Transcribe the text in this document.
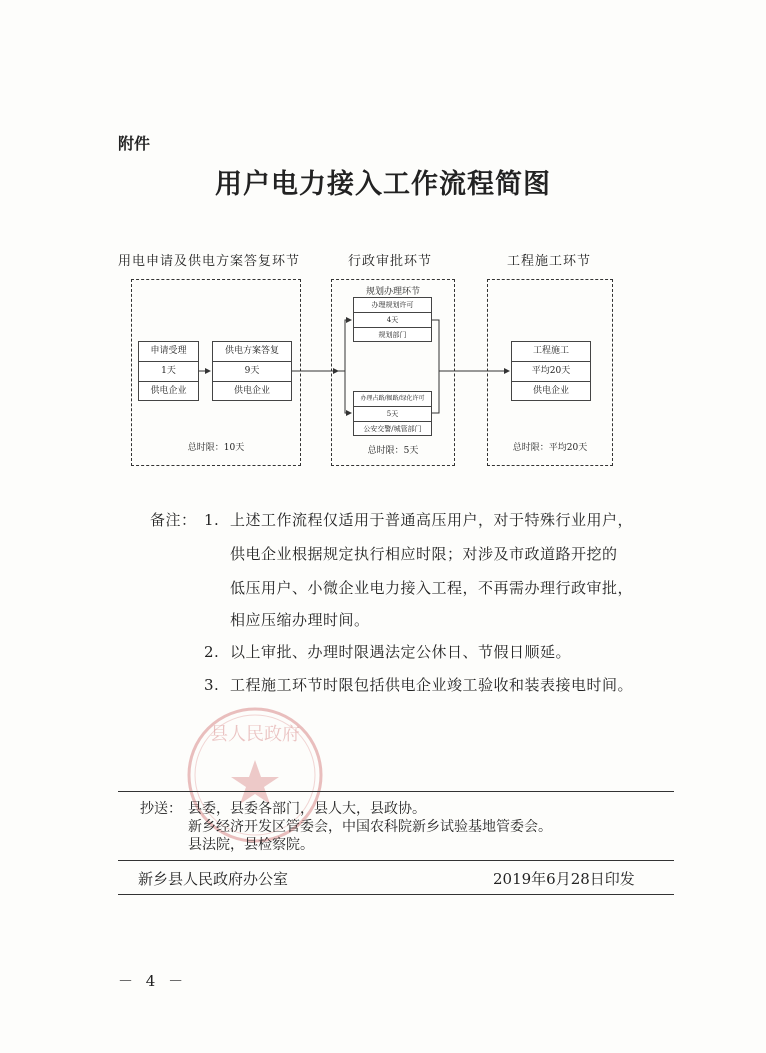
附件
用户电力接入工作流程简图
用电申请及供电方案答复环节	行政审批环节	工程施工环节
申请受理
1天
供电企业
供电方案答复
9天
供电企业
总时限：10天
规划办理环节
办理规划许可
4天
规划部门
办理占路/掘路/绿化许可
5天
公安交警/城管部门
总时限：5天
工程施工
平均20天
供电企业
总时限：平均20天
备注： 1. 上述工作流程仅适用于普通高压用户，对于特殊行业用户，
供电企业根据规定执行相应时限；对涉及市政道路开挖的
低压用户、小微企业电力接入工程，不再需办理行政审批，
相应压缩办理时间。
2. 以上审批、办理时限遇法定公休日、节假日顺延。
3. 工程施工环节时限包括供电企业竣工验收和装表接电时间。
县人民政府
抄送： 县委，县委各部门，县人大，县政协。
新乡经济开发区管委会，中国农科院新乡试验基地管委会。
县法院，县检察院。
新乡县人民政府办公室	2019年6月28日印发
－ 4 －
